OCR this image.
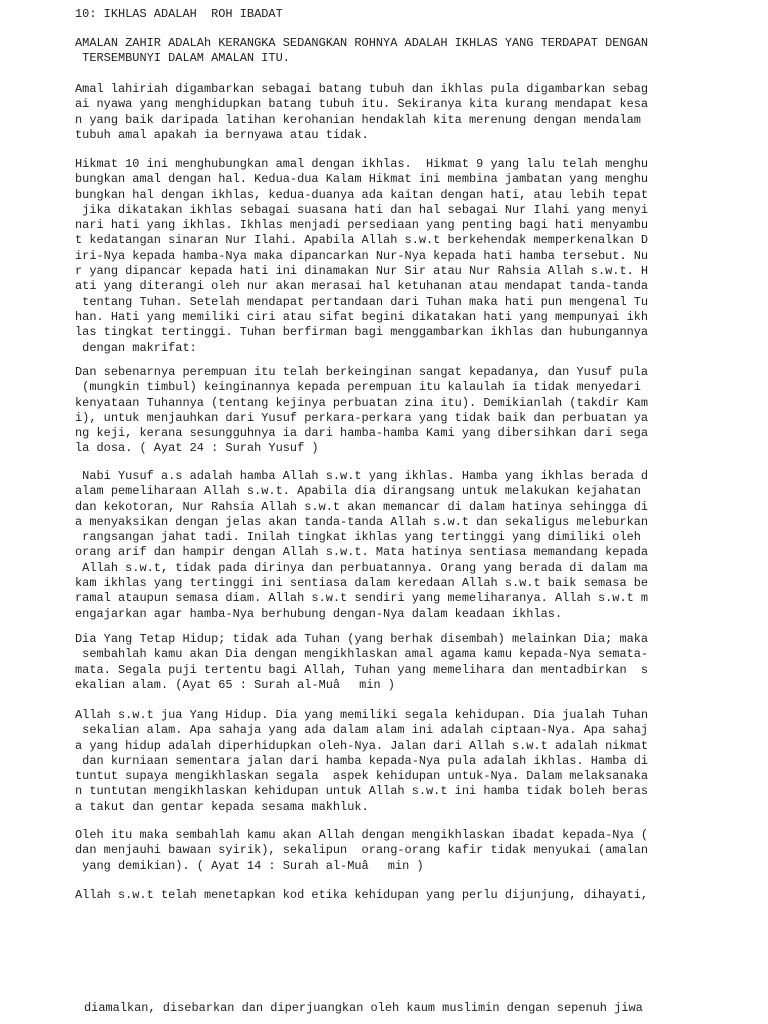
10: IKHLAS ADALAH  ROH IBADAT
AMALAN ZAHIR ADALAh KERANGKA SEDANGKAN ROHNYA ADALAH IKHLAS YANG TERDAPAT DENGAN
TERSEMBUNYI DALAM AMALAN ITU.
Amal lahiriah digambarkan sebagai batang tubuh dan ikhlas pula digambarkan sebag
ai nyawa yang menghidupkan batang tubuh itu. Sekiranya kita kurang mendapat kesa
n yang baik daripada latihan kerohanian hendaklah kita merenung dengan mendalam
tubuh amal apakah ia bernyawa atau tidak.
Hikmat 10 ini menghubungkan amal dengan ikhlas.  Hikmat 9 yang lalu telah menghu
bungkan amal dengan hal. Kedua-dua Kalam Hikmat ini membina jambatan yang menghu
bungkan hal dengan ikhlas, kedua-duanya ada kaitan dengan hati, atau lebih tepat
jika dikatakan ikhlas sebagai suasana hati dan hal sebagai Nur Ilahi yang menyi
nari hati yang ikhlas. Ikhlas menjadi persediaan yang penting bagi hati menyambu
t kedatangan sinaran Nur Ilahi. Apabila Allah s.w.t berkehendak memperkenalkan D
iri-Nya kepada hamba-Nya maka dipancarkan Nur-Nya kepada hati hamba tersebut. Nu
r yang dipancar kepada hati ini dinamakan Nur Sir atau Nur Rahsia Allah s.w.t. H
ati yang diterangi oleh nur akan merasai hal ketuhanan atau mendapat tanda-tanda
tentang Tuhan. Setelah mendapat pertandaan dari Tuhan maka hati pun mengenal Tu
han. Hati yang memiliki ciri atau sifat begini dikatakan hati yang mempunyai ikh
las tingkat tertinggi. Tuhan berfirman bagi menggambarkan ikhlas dan hubungannya
dengan makrifat:
Dan sebenarnya perempuan itu telah berkeinginan sangat kepadanya, dan Yusuf pula
(mungkin timbul) keinginannya kepada perempuan itu kalaulah ia tidak menyedari
kenyataan Tuhannya (tentang kejinya perbuatan zina itu). Demikianlah (takdir Kam
i), untuk menjauhkan dari Yusuf perkara-perkara yang tidak baik dan perbuatan ya
ng keji, kerana sesungguhnya ia dari hamba-hamba Kami yang dibersihkan dari sega
la dosa. ( Ayat 24 : Surah Yusuf )
Nabi Yusuf a.s adalah hamba Allah s.w.t yang ikhlas. Hamba yang ikhlas berada d
alam pemeliharaan Allah s.w.t. Apabila dia dirangsang untuk melakukan kejahatan
dan kekotoran, Nur Rahsia Allah s.w.t akan memancar di dalam hatinya sehingga di
a menyaksikan dengan jelas akan tanda-tanda Allah s.w.t dan sekaligus meleburkan
rangsangan jahat tadi. Inilah tingkat ikhlas yang tertinggi yang dimiliki oleh
orang arif dan hampir dengan Allah s.w.t. Mata hatinya sentiasa memandang kepada
Allah s.w.t, tidak pada dirinya dan perbuatannya. Orang yang berada di dalam ma
kam ikhlas yang tertinggi ini sentiasa dalam keredaan Allah s.w.t baik semasa be
ramal ataupun semasa diam. Allah s.w.t sendiri yang memeliharanya. Allah s.w.t m
engajarkan agar hamba-Nya berhubung dengan-Nya dalam keadaan ikhlas.
Dia Yang Tetap Hidup; tidak ada Tuhan (yang berhak disembah) melainkan Dia; maka
sembahlah kamu akan Dia dengan mengikhlaskan amal agama kamu kepada-Nya semata-
mata. Segala puji tertentu bagi Allah, Tuhan yang memelihara dan mentadbirkan  s
ekalian alam. (Ayat 65 : Surah al-Muâmin )
Allah s.w.t jua Yang Hidup. Dia yang memiliki segala kehidupan. Dia jualah Tuhan
sekalian alam. Apa sahaja yang ada dalam alam ini adalah ciptaan-Nya. Apa sahaj
a yang hidup adalah diperhidupkan oleh-Nya. Jalan dari Allah s.w.t adalah nikmat
dan kurniaan sementara jalan dari hamba kepada-Nya pula adalah ikhlas. Hamba di
tuntut supaya mengikhlaskan segala  aspek kehidupan untuk-Nya. Dalam melaksanaka
n tuntutan mengikhlaskan kehidupan untuk Allah s.w.t ini hamba tidak boleh beras
a takut dan gentar kepada sesama makhluk.
Oleh itu maka sembahlah kamu akan Allah dengan mengikhlaskan ibadat kepada-Nya (
dan menjauhi bawaan syirik), sekalipun  orang-orang kafir tidak menyukai (amalan
yang demikian). ( Ayat 14 : Surah al-Muâmin )
Allah s.w.t telah menetapkan kod etika kehidupan yang perlu dijunjung, dihayati,
diamalkan, disebarkan dan diperjuangkan oleh kaum muslimin dengan sepenuh jiwa
